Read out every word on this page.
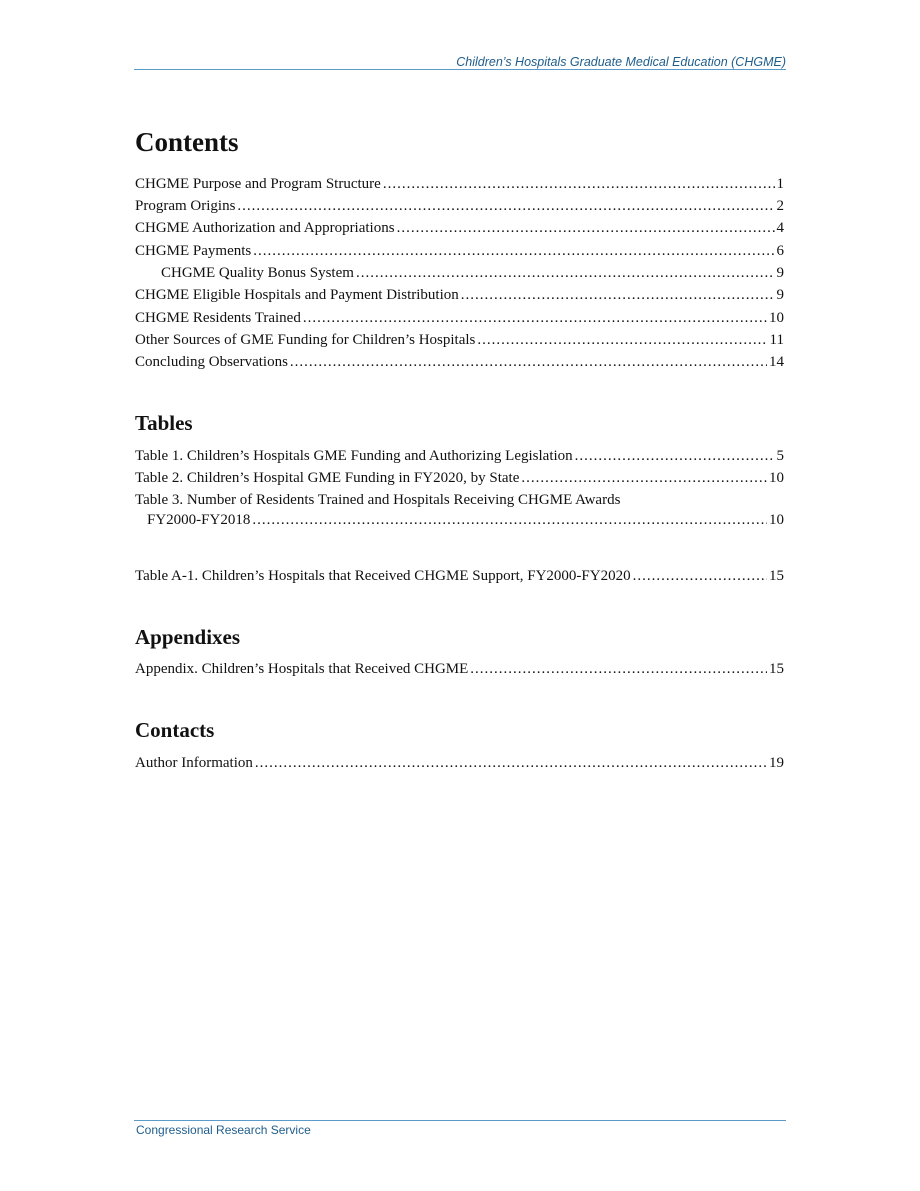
Children’s Hospitals Graduate Medical Education (CHGME)
Contents
CHGME Purpose and Program Structure .....	1
Program Origins .....	2
CHGME Authorization and Appropriations .....	4
CHGME Payments .....	6
CHGME Quality Bonus System .....	9
CHGME Eligible Hospitals and Payment Distribution .....	9
CHGME Residents Trained .....	10
Other Sources of GME Funding for Children’s Hospitals .....	11
Concluding Observations .....	14
Tables
Table 1. Children’s Hospitals GME Funding and Authorizing Legislation .....	5
Table 2. Children’s Hospital GME Funding in FY2020, by State .....	10
Table 3. Number of Residents Trained and Hospitals Receiving CHGME Awards
FY2000-FY2018 .....	10
Table A-1. Children’s Hospitals that Received CHGME Support, FY2000-FY2020 .....	15
Appendixes
Appendix. Children’s Hospitals that Received CHGME .....	15
Contacts
Author Information .....	19
Congressional Research Service
